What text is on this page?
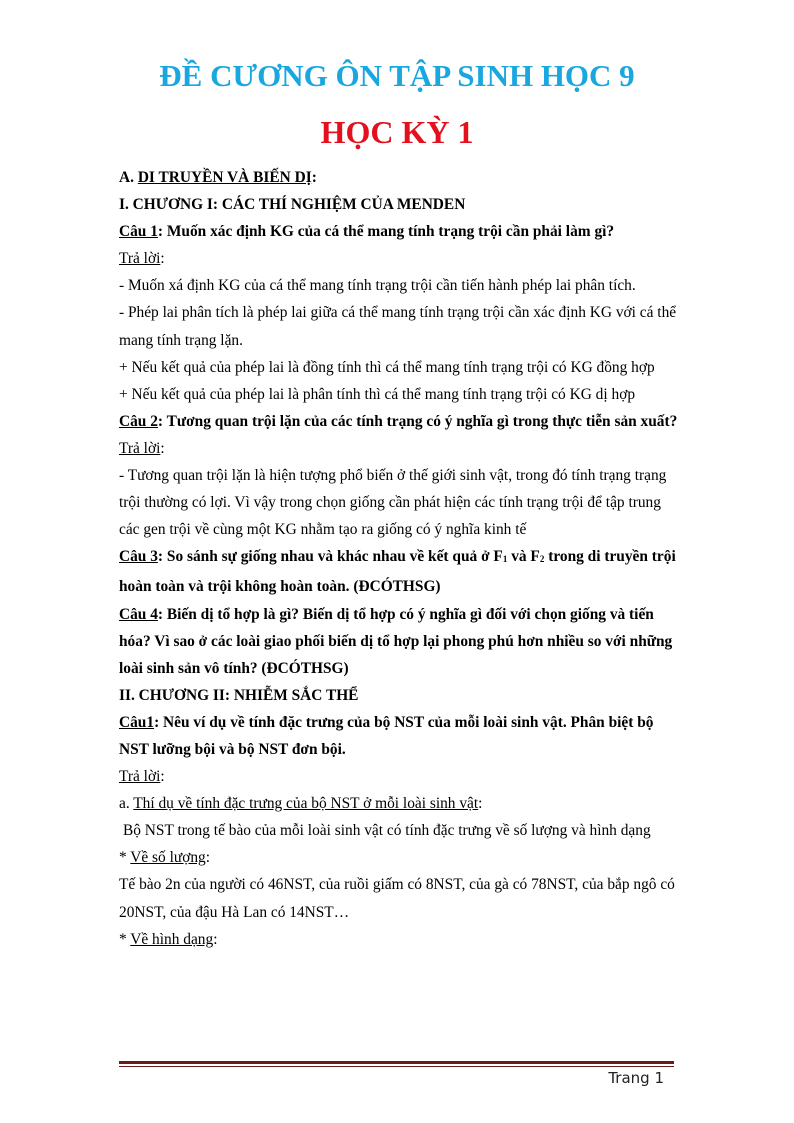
ĐỀ CƯƠNG ÔN TẬP SINH HỌC 9
HỌC KỲ 1

A. DI TRUYỀN VÀ BIẾN DỊ:

I. CHƯƠNG I: CÁC THÍ NGHIỆM CỦA MENDEN

Câu 1: Muốn xác định KG của cá thể mang tính trạng trội cần phải làm gì?

Trả lời:

- Muốn xá định KG của cá thể mang tính trạng trội cần tiến hành phép lai phân tích.

- Phép lai phân tích là phép lai giữa cá thể mang tính trạng trội cần xác định KG với cá thể mang tính trạng lặn.

+ Nếu kết quả của phép lai là đồng tính thì cá thể mang tính trạng trội có KG đồng hợp

+ Nếu kết quả của phép lai là phân tính thì cá thể mang tính trạng trội có KG dị hợp

Câu 2: Tương quan trội lặn của các tính trạng có ý nghĩa gì trong thực tiễn sản xuất?

Trả lời:

- Tương quan trội lặn là hiện tượng phổ biến ở thế giới sinh vật, trong đó tính trạng trạng trội thường có lợi. Vì vậy trong chọn giống cần phát hiện các tính trạng trội để tập trung các gen trội về cùng một KG nhằm tạo ra giống có ý nghĩa kinh tế

Câu 3: So sánh sự giống nhau và khác nhau về kết quả ở $F_1$ và $F_2$ trong di truyền trội hoàn toàn và trội không hoàn toàn. (ĐCÓTHSG)

Câu 4: Biến dị tổ hợp là gì? Biến dị tổ hợp có ý nghĩa gì đối với chọn giống và tiến hóa? Vì sao ở các loài giao phối biến dị tổ hợp lại phong phú hơn nhiều so với những loài sinh sản vô tính? (ĐCÓTHSG)

II. CHƯƠNG II: NHIỄM SẮC THỂ

Câu1: Nêu ví dụ về tính đặc trưng của bộ NST của mỗi loài sinh vật. Phân biệt bộ NST lưỡng bội và bộ NST đơn bội.

Trả lời:

a. Thí dụ về tính đặc trưng của bộ NST ở mỗi loài sinh vật:

Bộ NST trong tế bào của mỗi loài sinh vật có tính đặc trưng về số lượng và hình dạng

* Về số lượng:

Tế bào 2n của người có 46NST, của ruồi giấm có 8NST, của gà có 78NST, của bắp ngô có 20NST, của đậu Hà Lan có 14NST…

* Về hình dạng:

Trang 1
